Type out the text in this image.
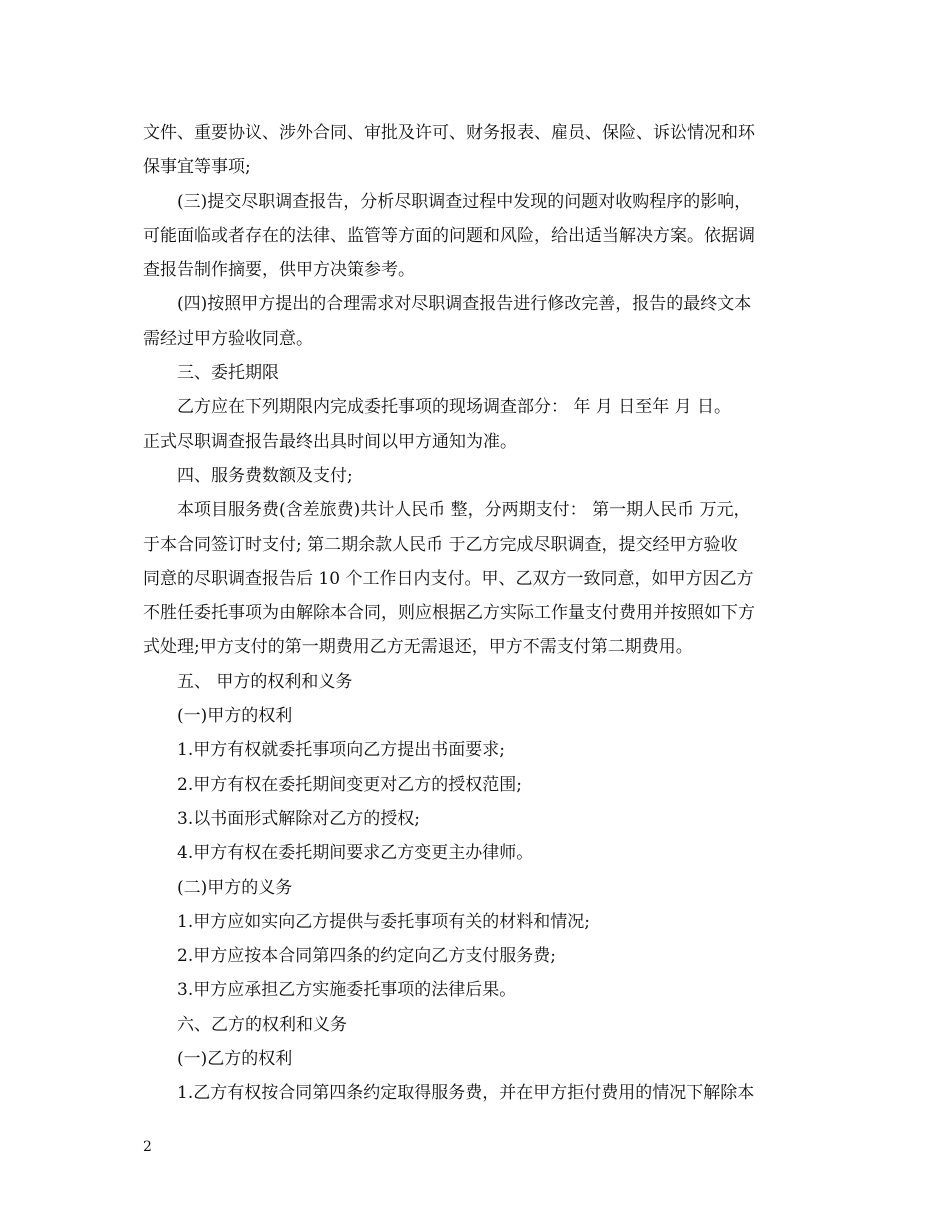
文件、重要协议、涉外合同、审批及许可、财务报表、雇员、保险、诉讼情况和环
保事宜等事项;
(三)提交尽职调查报告，分析尽职调查过程中发现的问题对收购程序的影响，
可能面临或者存在的法律、监管等方面的问题和风险，给出适当解决方案。依据调
查报告制作摘要，供甲方决策参考。
(四)按照甲方提出的合理需求对尽职调查报告进行修改完善，报告的最终文本
需经过甲方验收同意。
三、委托期限
乙方应在下列期限内完成委托事项的现场调查部分： 年 月 日至年 月 日。
正式尽职调查报告最终出具时间以甲方通知为准。
四、服务费数额及支付;
本项目服务费(含差旅费)共计人民币 整，分两期支付： 第一期人民币 万元，
于本合同签订时支付; 第二期余款人民币 于乙方完成尽职调查，提交经甲方验收
同意的尽职调查报告后 10 个工作日内支付。甲、乙双方一致同意，如甲方因乙方
不胜任委托事项为由解除本合同，则应根据乙方实际工作量支付费用并按照如下方
式处理;甲方支付的第一期费用乙方无需退还，甲方不需支付第二期费用。
五、 甲方的权利和义务
(一)甲方的权利
1.甲方有权就委托事项向乙方提出书面要求;
2.甲方有权在委托期间变更对乙方的授权范围;
3.以书面形式解除对乙方的授权;
4.甲方有权在委托期间要求乙方变更主办律师。
(二)甲方的义务
1.甲方应如实向乙方提供与委托事项有关的材料和情况;
2.甲方应按本合同第四条的约定向乙方支付服务费;
3.甲方应承担乙方实施委托事项的法律后果。
六、乙方的权利和义务
(一)乙方的权利
1.乙方有权按合同第四条约定取得服务费，并在甲方拒付费用的情况下解除本
2
